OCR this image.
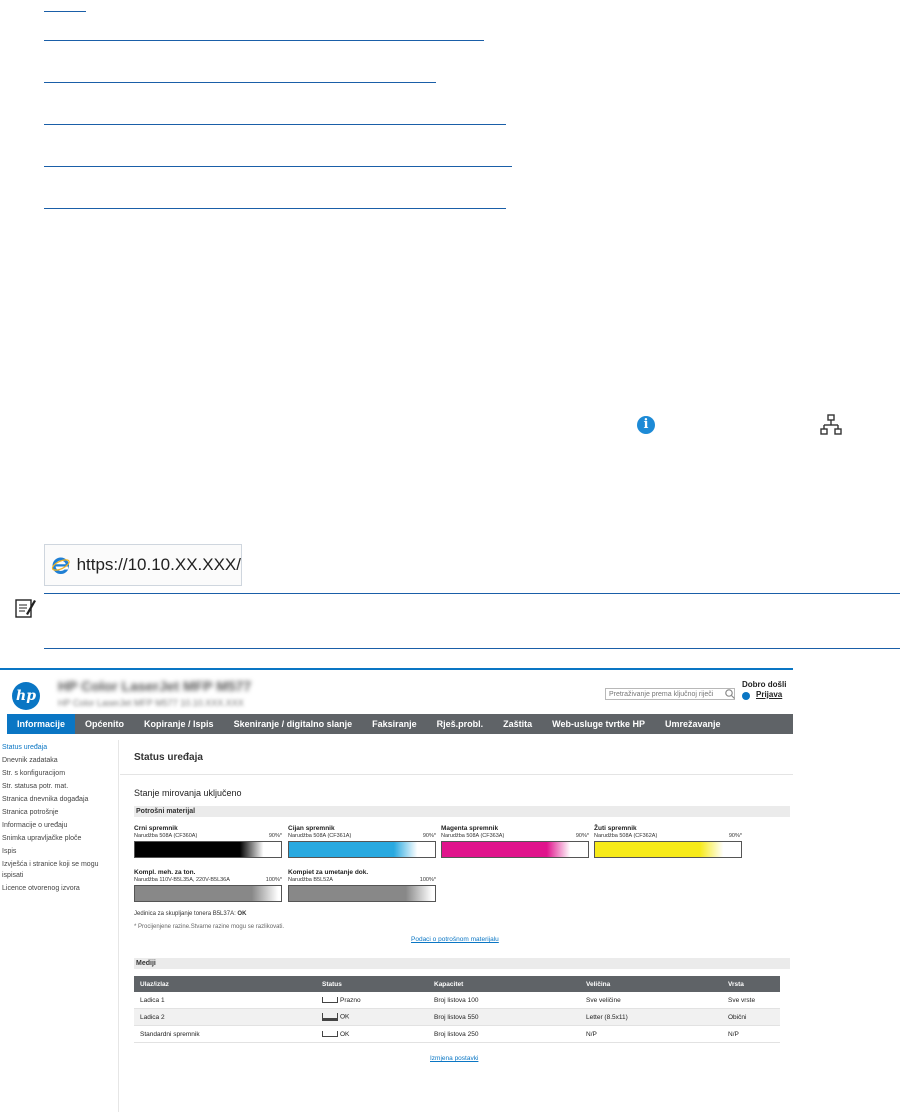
i
https://10.10.XX.XXX/
hp
HP Color LaserJet MFP M577
HP Color LaserJet MFP M577 10.10.XXX.XXX
Dobro došli
Pretraživanje prema ključnoj riječi	Prijava
Informacije	Općenito	Kopiranje / Ispis	Skeniranje / digitalno slanje	Faksiranje	Rješ.probl.	Zaštita	Web-usluge tvrtke HP	Umrežavanje
Status uređaja
Dnevnik zadataka
Str. s konfiguracijom
Str. statusa potr. mat.
Stranica dnevnika događaja
Stranica potrošnje
Informacije o uređaju
Snimka upravljačke ploče
Ispis
Izvješća i stranice koji se mogu ispisati
Licence otvorenog izvora
Status uređaja
Stanje mirovanja uključeno
Potrošni materijal
Crni spremnik
Narudžba 508A (CF360A)	90%*
Cijan spremnik
Narudžba 508A (CF361A)	90%*
Magenta spremnik
Narudžba 508A (CF363A)	90%*
Žuti spremnik
Narudžba 508A (CF362A)	90%*
Kompl. meh. za ton.
Narudžba 110V-B5L35A, 220V-B5L36A	100%*
Kompiet za umetanje dok.
Narudžba B5L52A	100%*
Jedinica za skupljanje tonera B5L37A: OK
* Procijenjene razine.Stvarne razine mogu se razlikovati.
Podaci o potrošnom materijalu
Mediji
Ulaz/izlaz	Status	Kapacitet	Veličina	Vrsta
Ladica 1	Prazno	Broj listova 100	Sve veličine	Sve vrste
Ladica 2	OK	Broj listova 550	Letter (8.5x11)	Obični
Standardni spremnik	OK	Broj listova 250	N/P	N/P
Izmjena postavki
